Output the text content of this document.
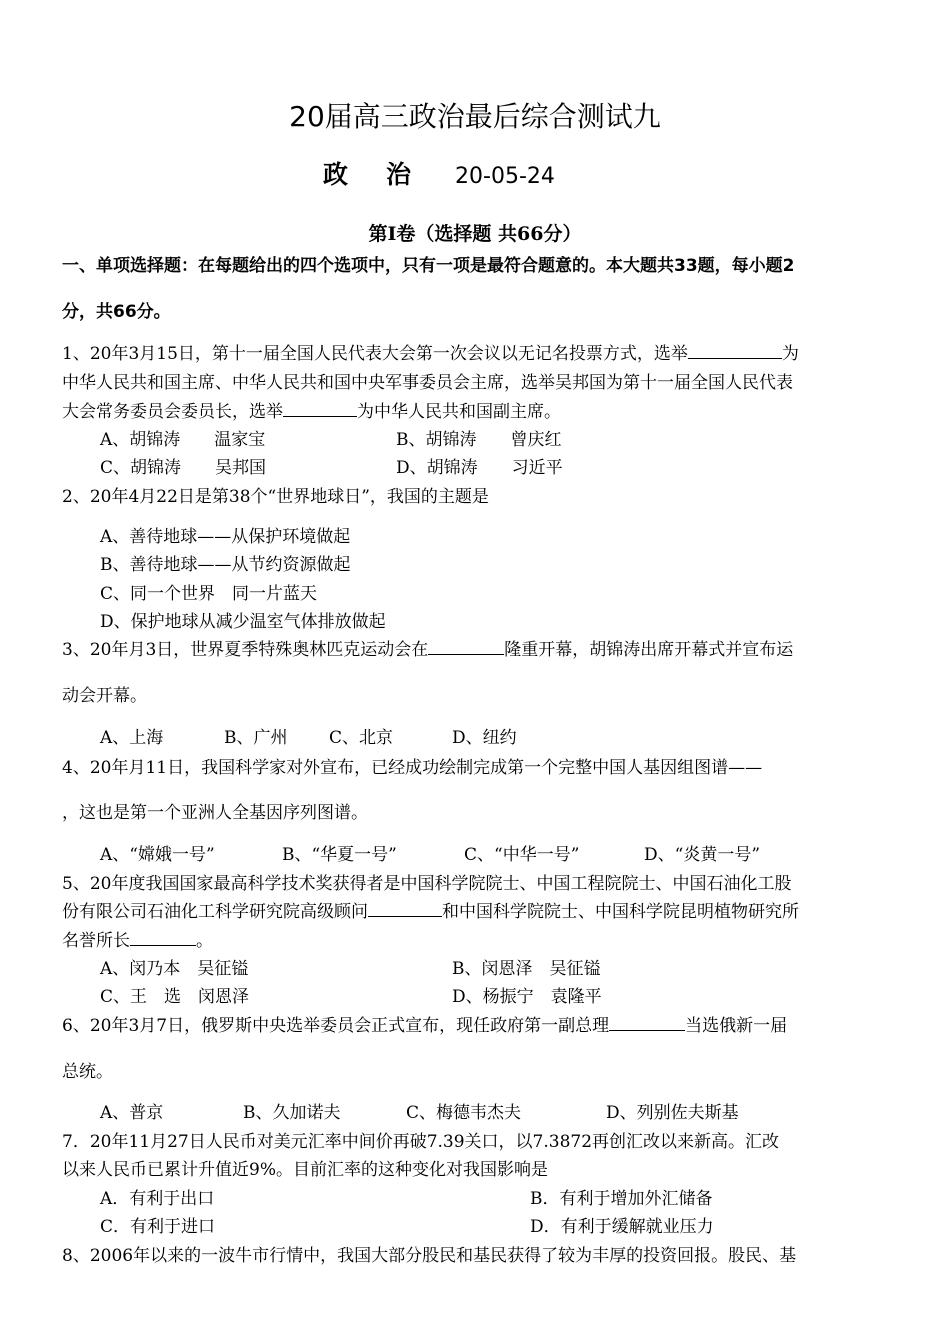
20届高三政治最后综合测试九
政治 20-05-24
第Ⅰ卷（选择题 共66分）
一、单项选择题：在每题给出的四个选项中，只有一项是最符合题意的。本大题共33题，每小题2
分，共66分。
1、20年3月15日，第十一届全国人民代表大会第一次会议以无记名投票方式，选举	为
中华人民共和国主席、中华人民共和国中央军事委员会主席，选举吴邦国为第十一届全国人民代表
大会常务委员会委员长，选举	为中华人民共和国副主席。
A、胡锦涛　　温家宝	B、胡锦涛　　曾庆红
C、胡锦涛　　吴邦国	D、胡锦涛　　习近平
2、20年4月22日是第38个“世界地球日”，我国的主题是
A、善待地球——从保护环境做起
B、善待地球——从节约资源做起
C、同一个世界　同一片蓝天
D、保护地球从减少温室气体排放做起
3、20年月3日，世界夏季特殊奥林匹克运动会在	隆重开幕，胡锦涛出席开幕式并宣布运
动会开幕。
A、上海	B、广州 C、北京	D、纽约
4、20年月11日，我国科学家对外宣布，已经成功绘制完成第一个完整中国人基因组图谱——
，这也是第一个亚洲人全基因序列图谱。
A、“嫦娥一号”	B、“华夏一号”	C、“中华一号”	D、“炎黄一号”
5、20年度我国国家最高科学技术奖获得者是中国科学院院士、中国工程院院士、中国石油化工股
份有限公司石油化工科学研究院高级顾问	和中国科学院院士、中国科学院昆明植物研究所
名誉所长	。
A、闵乃本　吴征镒	B、闵恩泽　吴征镒
C、王　选　闵恩泽	D、杨振宁　袁隆平
6、20年3月7日，俄罗斯中央选举委员会正式宣布，现任政府第一副总理	当选俄新一届
总统。
A、普京	B、久加诺夫	C、梅德韦杰夫	D、列别佐夫斯基
7．20年11月27日人民币对美元汇率中间价再破7.39关口，以7.3872再创汇改以来新高。汇改
以来人民币已累计升值近9%。目前汇率的这种变化对我国影响是
A．有利于出口	B．有利于增加外汇储备
C．有利于进口	D．有利于缓解就业压力
8、2006年以来的一波牛市行情中，我国大部分股民和基民获得了较为丰厚的投资回报。股民、基
